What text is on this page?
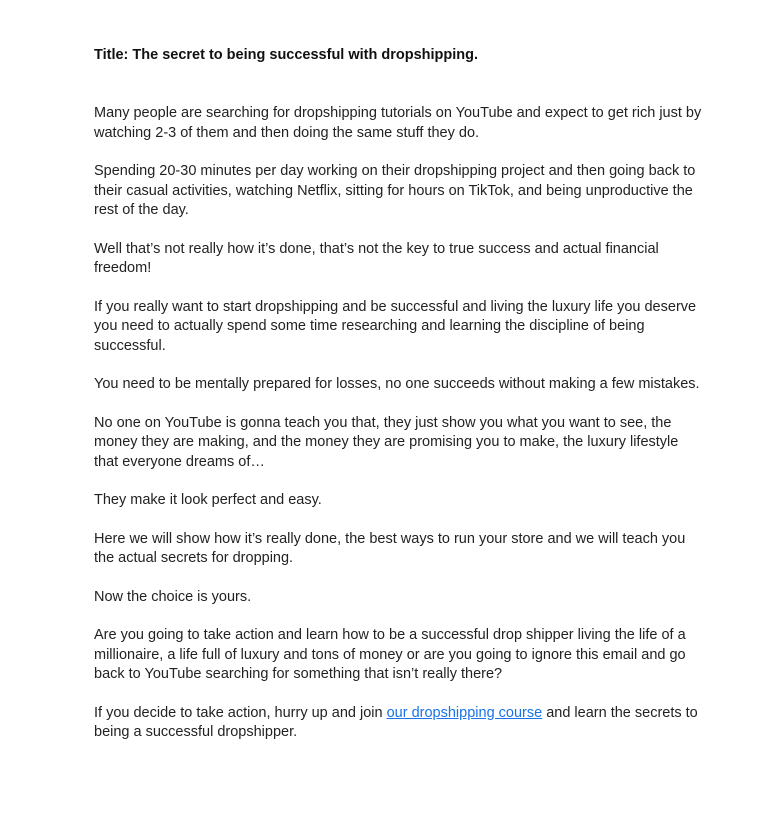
Title: The secret to being successful with dropshipping.

Many people are searching for dropshipping tutorials on YouTube and expect to get rich just by watching 2-3 of them and then doing the same stuff they do.

Spending 20-30 minutes per day working on their dropshipping project and then going back to their casual activities, watching Netflix, sitting for hours on TikTok, and being unproductive the rest of the day.

Well that’s not really how it’s done, that’s not the key to true success and actual financial freedom!

If you really want to start dropshipping and be successful and living the luxury life you deserve you need to actually spend some time researching and learning the discipline of being successful.

You need to be mentally prepared for losses, no one succeeds without making a few mistakes.

No one on YouTube is gonna teach you that, they just show you what you want to see, the money they are making, and the money they are promising you to make, the luxury lifestyle that everyone dreams of…

They make it look perfect and easy.

Here we will show how it’s really done, the best ways to run your store and we will teach you the actual secrets for dropping.

Now the choice is yours.

Are you going to take action and learn how to be a successful drop shipper living the life of a millionaire, a life full of luxury and tons of money or are you going to ignore this email and go back to YouTube searching for something that isn’t really there?

If you decide to take action, hurry up and join our dropshipping course and learn the secrets to being a successful dropshipper.
